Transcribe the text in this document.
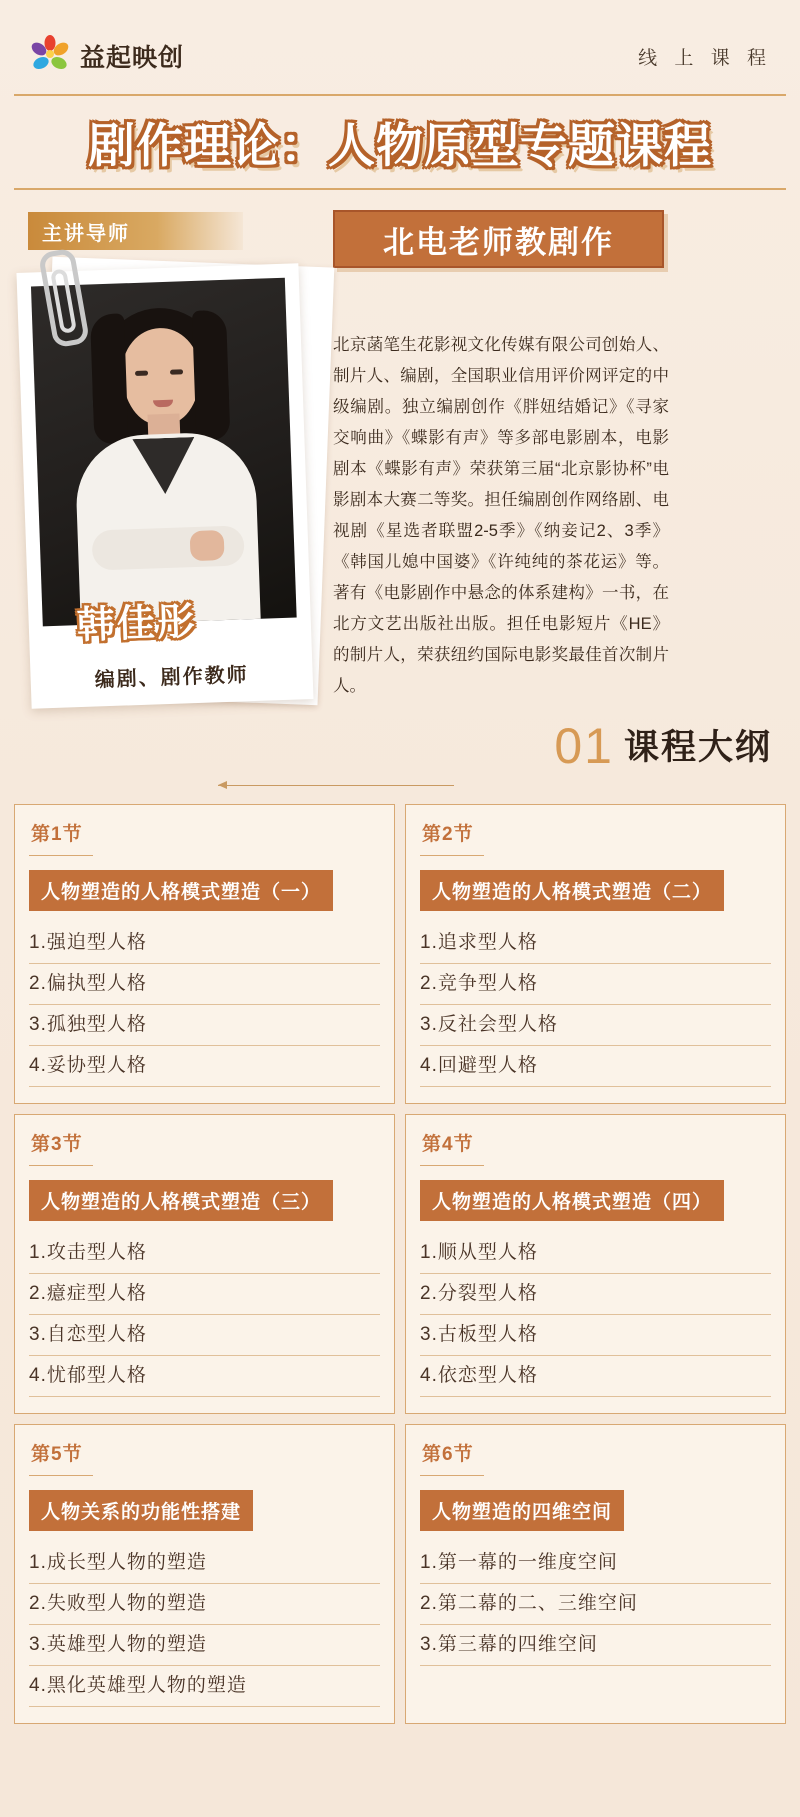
益起映创	线 上 课 程
剧作理论：人物原型专题课程
主讲导师	北电老师教剧作
韩佳彤
编剧、剧作教师

北京菡笔生花影视文化传媒有限公司创始人、制片人、编剧，全国职业信用评价网评定的中级编剧。独立编剧创作《胖妞结婚记》《寻家交响曲》《蝶影有声》等多部电影剧本，电影剧本《蝶影有声》荣获第三届“北京影协杯”电影剧本大赛二等奖。担任编剧创作网络剧、电视剧《星选者联盟2-5季》《纳妾记2、3季》《韩国儿媳中国婆》《许纯纯的茶花运》等。著有《电影剧作中悬念的体系建构》一书，在北方文艺出版社出版。担任电影短片《HE》的制片人，荣获纽约国际电影奖最佳首次制片人。

01 课程大纲
第1节
人物塑造的人格模式塑造（一）
1.强迫型人格
2.偏执型人格
3.孤独型人格
4.妥协型人格
第2节
人物塑造的人格模式塑造（二）
1.追求型人格
2.竞争型人格
3.反社会型人格
4.回避型人格
第3节
人物塑造的人格模式塑造（三）
1.攻击型人格
2.癔症型人格
3.自恋型人格
4.忧郁型人格
第4节
人物塑造的人格模式塑造（四）
1.顺从型人格
2.分裂型人格
3.古板型人格
4.依恋型人格
第5节
人物关系的功能性搭建
1.成长型人物的塑造
2.失败型人物的塑造
3.英雄型人物的塑造
4.黑化英雄型人物的塑造
第6节
人物塑造的四维空间
1.第一幕的一维度空间
2.第二幕的二、三维空间
3.第三幕的四维空间
